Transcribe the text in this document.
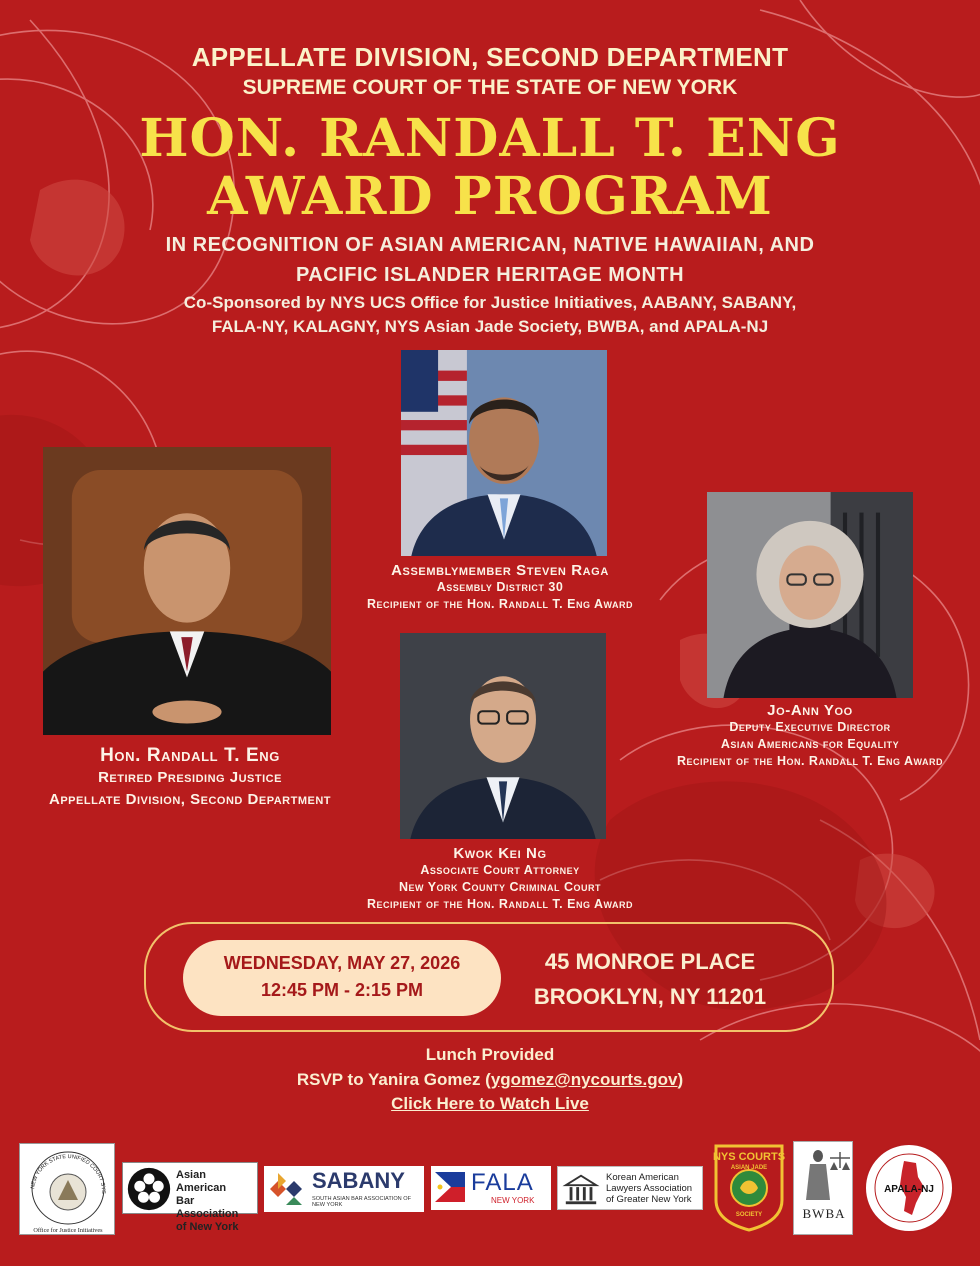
APPELLATE DIVISION, SECOND DEPARTMENT
SUPREME COURT OF THE STATE OF NEW YORK
HON. RANDALL T. ENG
AWARD PROGRAM
IN RECOGNITION OF ASIAN AMERICAN, NATIVE HAWAIIAN, AND
PACIFIC ISLANDER HERITAGE MONTH
Co-Sponsored by NYS UCS Office for Justice Initiatives, AABANY, SABANY,
FALA-NY, KALAGNY, NYS Asian Jade Society, BWBA, and APALA-NJ
Hon. Randall T. Eng
Retired Presiding Justice
Appellate Division, Second Department
Assemblymember Steven Raga
Assembly District 30
Recipient of the Hon. Randall T. Eng Award
Jo-Ann Yoo
Deputy Executive Director
Asian Americans for Equality
Recipient of the Hon. Randall T. Eng Award
Kwok Kei Ng
Associate Court Attorney
New York County Criminal Court
Recipient of the Hon. Randall T. Eng Award
WEDNESDAY, MAY 27, 2026
12:45 PM - 2:15 PM
45 MONROE PLACE
BROOKLYN, NY 11201
Lunch Provided
RSVP to Yanira Gomez (ygomez@nycourts.gov)
Click Here to Watch Live
NEW YORK STATE UNIFIED COURT SYS
Office for Justice Initiatives
Asian American
Bar Association
of New York
SABANY
SOUTH ASIAN BAR ASSOCIATION OF NEW YORK
FALA
NEW YORK
Korean American
Lawyers Association
of Greater New York
NYS COURTS
ASIAN JADE
SOCIETY	BWBA
APALA-NJ
